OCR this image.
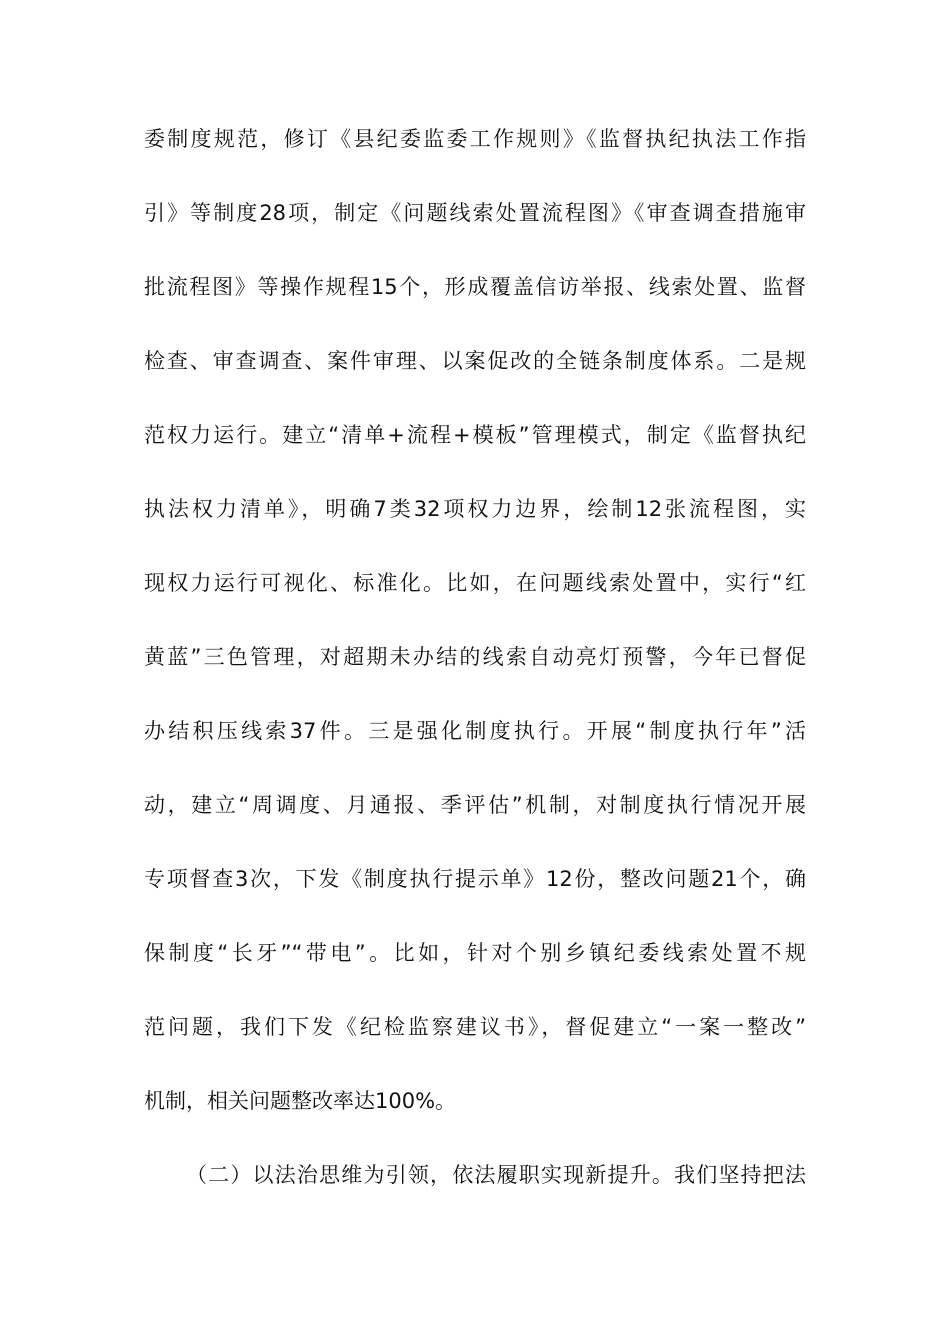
委制度规范，修订《县纪委监委工作规则》《监督执纪执法工作指
引》等制度28项，制定《问题线索处置流程图》《审查调查措施审
批流程图》等操作规程15个，形成覆盖信访举报、线索处置、监督
检查、审查调查、案件审理、以案促改的全链条制度体系。二是规
范权力运行。建立“清单+流程+模板”管理模式，制定《监督执纪
执法权力清单》，明确7类32项权力边界，绘制12张流程图，实
现权力运行可视化、标准化。比如，在问题线索处置中，实行“红
黄蓝”三色管理，对超期未办结的线索自动亮灯预警，今年已督促
办结积压线索37件。三是强化制度执行。开展“制度执行年”活
动，建立“周调度、月通报、季评估”机制，对制度执行情况开展
专项督查3次，下发《制度执行提示单》12份，整改问题21个，确
保制度“长牙”“带电”。比如，针对个别乡镇纪委线索处置不规
范问题，我们下发《纪检监察建议书》，督促建立“一案一整改”
机制，相关问题整改率达100%。
（二）以法治思维为引领，依法履职实现新提升。我们坚持把法
